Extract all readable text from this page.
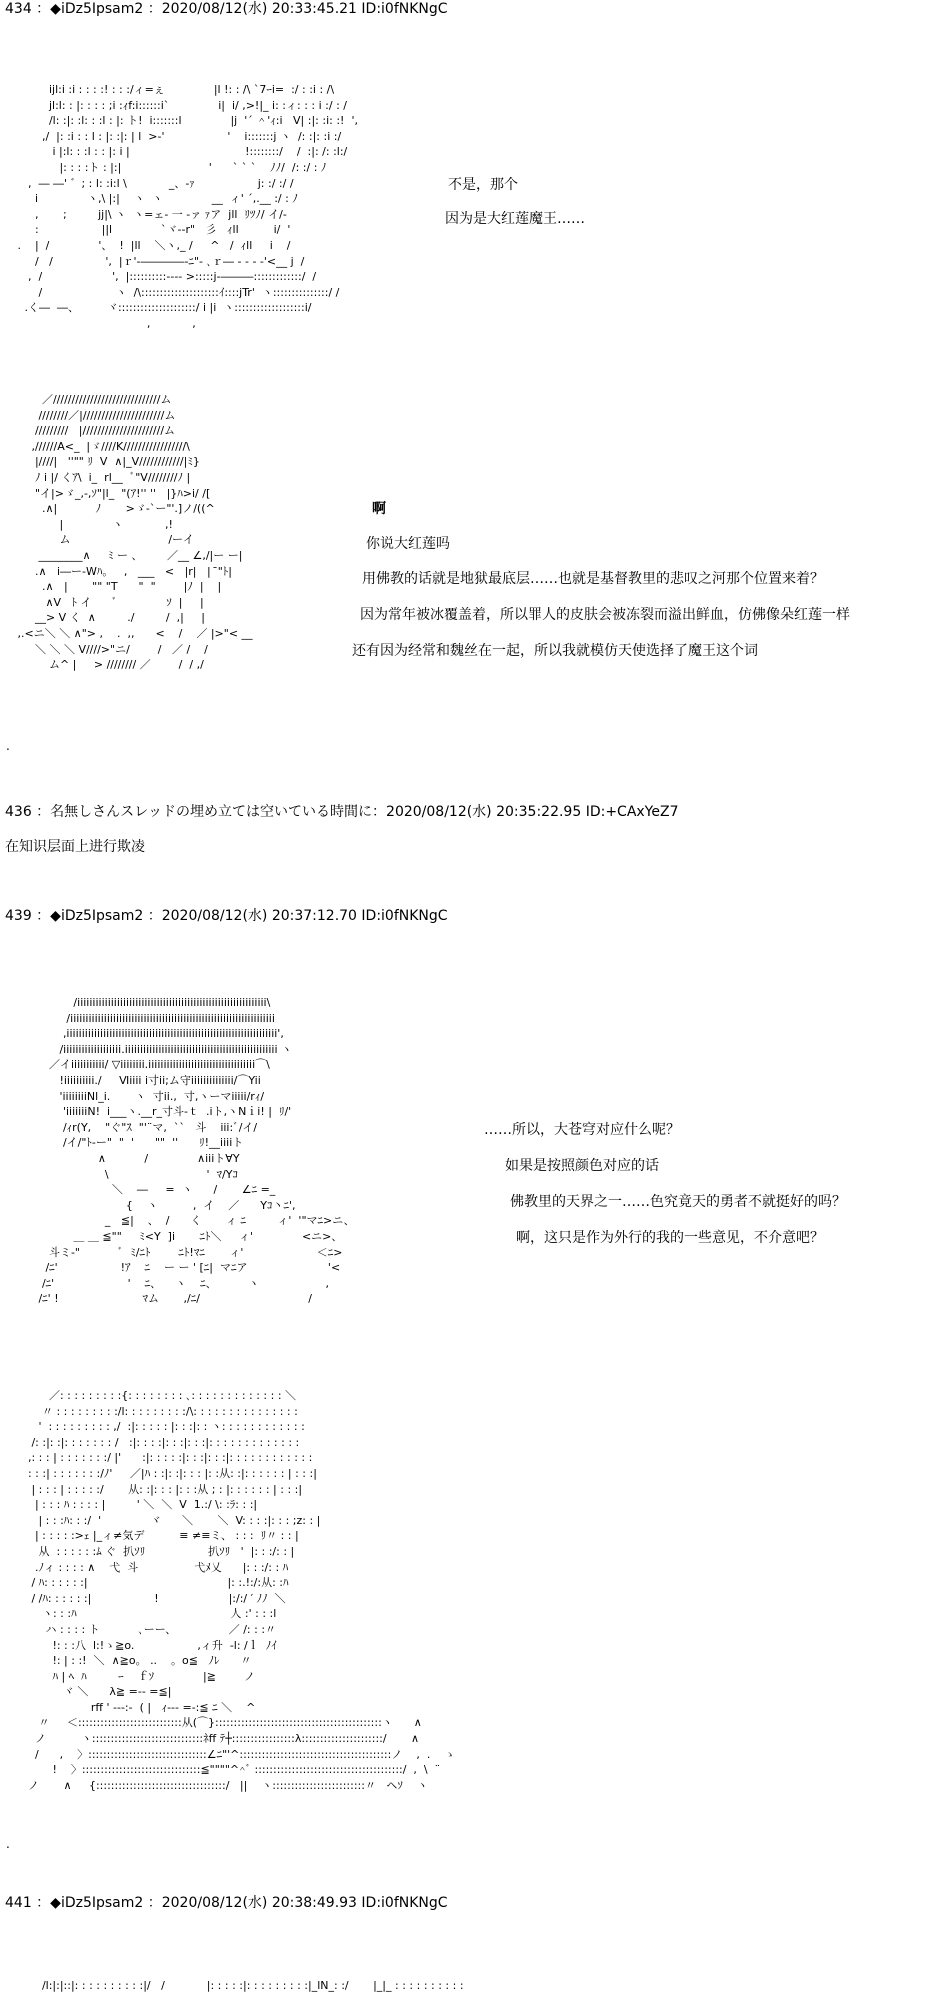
434 ：◆iDz5Ipsam2 ：2020/08/12(水) 20:33:45.21 ID:i0fNKNgC
ijl:i :i : : : :! : : :/ィ=ぇ              |l !: : /\ `7ｰi=  :/ : :i : /\
jl:l: : |: : : : ;i :ｨf:i::::::i`              i|  i/ ,>!|_ i: :ィ: : : i :/ : /
/l: :|: :l: : :l : |: ト!  i:::::::l              |j  '´ ＾'ｨ:i   V| :|: :i: :!  ',
,/  |: :i : : l : |: :|: | l  >-'                  '    i:::::::j ヽ  /: :|: :i :/
i |:l: : :l : : |: i |                                 !::::::::/    /  :|: /: :l:/
|: : : :ト : |:|                         '      ` ` `    ﾉﾉ/  /: :/ : ﾉ
,  ― ―' ゛; : l: :i:l \            _、-ｧ                  j: :/ :/ /
i              ヽ,\ |:|    ヽ  ヽ              __  ィ' ´,.__ :/ : ﾉ
,       ;         jj|\ ヽ  ヽ=ェ‐ 一 ‐ァ ｧア  jll  ﾘﾂﾉ/ イ/-
:                  ||l              `ヾ--r"   彡   ｨll          i/  '
.    |  /              '、  !  |ll    ＼ヽ,_ /     ^   /  ｨll     i    /
/   /               ',  |ｒ'-――――‐ﾆ"‐ ､ｒ― ‐ ‐ ‐ ‐'<__ j  /
,  /                    ',  |::::::::::--‐- >:::::j-―――:::::::::::::/  /
/                     ヽ  /\:::::::::::::::::::::ｲ::::jTr'  ヽ:::::::::::::::/ /
.く―  ―、        ヾ:::::::::::::::::::::/ i |i  ヽ:::::::::::::::::::i/
,            ,
不是，那个
因为是大红莲魔王……
／/////////////////////////////ム
////////／|//////////////////////ム
/////////   |//////////////////////ム
,//////A<_  |ゞ////K/////////////////\
|////|   ''"" ﾘ  V  ∧|_V////////////|ﾐ}
ﾉ i |/ くｱ\  i_  rl__  ﾞ"V////////ﾉ |
"イ|>ゞ_,-,ｿ"|l_  "(ｱ!'' ''   |}ﾊ>i/ /[
.∧|           ﾉ       >ゞ-`ー"'.]ノ/((^
|              ヽ            ,!
ム                            /ーイ
________∧     ﾐ ー 、       ／__ ∠,/|ー ー|
.∧   i―ー‐Wﾊ。   ,   ___   <   |r|   |  ̄"ﾄ|
.∧   |       "" "T      "  "        |ﾉ  |    |
∧V   ﾄ イ      ﾞ              ｿ  |     |
__> V く  ∧         ./         /  ,|     |
,.<ニ＼ ＼ ∧"> ,    .  ,,      <    /    ／ |>"< __
＼ ＼ ＼ V////>"ニ/        /   ／ /    /
ム^ |     > //////// ／        /  / ,/
啊
你说大红莲吗
用佛教的话就是地狱最底层……也就是基督教里的悲叹之河那个位置来着？
因为常年被冰覆盖着，所以罪人的皮肤会被冻裂而溢出鲜血，仿佛像朵红莲一样
还有因为经常和魏丝在一起，所以我就模仿天使选择了魔王这个词
.
436 ：名無しさんスレッドの埋め立ては空いている時間に：2020/08/12(水) 20:35:22.95 ID:+CAxYeZ7
在知识层面上进行欺凌
439 ：◆iDz5Ipsam2 ：2020/08/12(水) 20:37:12.70 ID:i0fNKNgC
/iiiiiiiiiiiiiiiiiiiiiiiiiiiiiiiiiiiiiiiiiiiiiiiiiiiiiiiiiiiiii\
/iiiiiiiiiiiiiiiiiiiiiiiiiiiiiiiiiiiiiiiiiiiiiiiiiiiiiiiiiiiiiiiiiii
,iiiiiiiiiiiiiiiiiiiiiiiiiiiiiiiiiiiiiiiiiiiiiiiiiiiiiiiiiiiiiiiiiiiii',
/iiiiiiiiiiiiiiiiiii.iiiiiiiiiiiiiiiiiiiiiiiiiiiiiiiiiiiiiiiiiiiiiiiiii ヽ
／イiiiiiiiiiii/ ▽iiiiiiii.iiiiiiiiiiiiiiiiiiiiiiiiiiiiiiiiiii⌒\
!iiiiiiiiii./     Ⅵiiii i寸ii;ム守iiiiiiiiiiiiii/⌒Yii
'iiiiiiiiNl_i.       ヽ  寸ii.,  寸,ヽーマiiiii/rｨ/
'iiiiiiiN!  i___ヽ.__r_寸斗‐ｔ  .iト,ヽNｉi! |  ﾘ/'
/ｨr(Y,    "ぐ"ｽ  "'¨マ,  ``   斗    iii:ﾞ/イ/
/イ/"ﾄ‐ー"  "  '      ""  ''      ﾘ!__iiiiト
∧           /              ∧iiiト∀Y
\                            '  ﾏ/Yｺ
＼    ―     =  ヽ      /       ∠ﾆ =_
{    ヽ          ,  イ    ／      Yｺ丶ﾆ',
_   ≦|    、  /      く       ィ ﾆ         ィ'  '"マﾆ>ニ、
＿ ＿ ≦""     ﾐ<Y  ]i       ﾆﾄ＼     ィ'              <ニ>、
斗ミ-"           ﾞ  ﾐ/ﾆﾄ        ﾆﾄ!ﾏﾆ       ィ'                     ＜ﾆ>
/ﾆ'                  !ｱ    ﾆ    ー ー ' [ﾆ|  マﾆア                       '<
/ﾆ'                     '    ﾆ、    ヽ    ﾆ、         ヽ                   ,
/ﾆ' !                        ﾏム       ,/ﾆ/                               /
……所以，大苍穹对应什么呢？
如果是按照颜色对应的话
佛教里的天界之一……色究竟天的勇者不就挺好的吗？
啊，这只是作为外行的我的一些意见，不介意吧？
／: : : : : : : : :{: : : : : : : : ､: : : : : : : : : : : : : ＼
〃 : : : : : : : : :/l: : : : : : : : :/\: : : : : : : : : : : : : : :
'  : : : : : : : : : ,/  :|: : : : : |: : :|: : ヽ: : : : : : : : : : : :
/: :|: :|: : : : : : : /   :|: : : :|: : :|: : :|: : : : : : : : : : : : :
,: : : | : : : : : : :/ |'      :|: : : : :|: : :|: : :|: : : : : : : : : : : :
: : :| : : : : : : :/ﾉ'     ／|ﾊ : :|: :|: : : |: :从: :|: : : : : : | : : :|
| : : : | : : : : :/       从: :|: : : |: : :从 ; : |: : : : : : | : : :|
| : : : ﾊ : : : : |         ' ＼  ＼  V  1.:/ \: :ﾗ: : :|
| : : :ﾊ: : :/  '              ヾ      ＼       ＼  V: : : :|: : : ;z: : |
| : : : : :>ｪ |_ィ≠気デ          ≡ ≠≡ミ、 : : :  ﾘ〃 : : |
从  : : : : : :ﾑ ぐ  扒ｿﾘ                  扒ｿﾘ   '  |: : :/: : |
.ﾉィ : : : : ∧    弋  斗                弋ﾒ乂      |: : :/: : ﾊ
/ ﾊ: : : : : :|                                        |: :.!:/:从: :ﾊ
/ /ﾊ: : : : : :|                  !                    |:/:/ ′ ﾉﾉ  ＼
ヽ: : :ﾊ                                            人 :' : : :l
ハ : : : : ト           ､ーー、               ／ /: : :〃
!: : :八  l:!ゝ≧o.                  ,ィ升  -l: /ｌ  ﾉｲ
!: | : :!  ＼  ∧≧o。 ..    。o≦   ﾉﾚ      〃
ﾊ | ﾍ  ﾊ         ｰ    ｆｿ              |≧        ノ
ヾ ＼      λ≧ =-- =≦|
rff ' ---:-  ( |   ｨ--- =-:≦ ﾆ ＼    ^
〃     ＜::::::::::::::::::::::::::::从(⌒}:::::::::::::::::::::::::::::::::::::::::::::ヽ      ∧
ノ          ヽ::::::::::::::::::::::::::::::ﾈff ﾃ┼:::::::::::::::::λ::::::::::::::::::::::/       ∧
/      ,    〉::::::::::::::::::::::::::::::::∠ﾆ"'^:::::::::::::::::::::::::::::::::::::::::ノ    ,  .    ゝ
!    〉::::::::::::::::::::::::::::::::≦""""^^ﾞ ::::::::::::::::::::::::::::::::::::::::/  ,  \  ¨
ノ       ∧     {:::::::::::::::::::::::::::::::::::/   ||    ヽ:::::::::::::::::::::::::〃   ヘｿ    ヽ
.
441 ：◆iDz5Ipsam2 ：2020/08/12(水) 20:38:49.93 ID:i0fNKNgC
/l:|:|::|: : : : : : : : : :|/   /            |: : : : :|: : : : : : : : :|_lN_: :/       |_|_ : : : : : : : : : :
